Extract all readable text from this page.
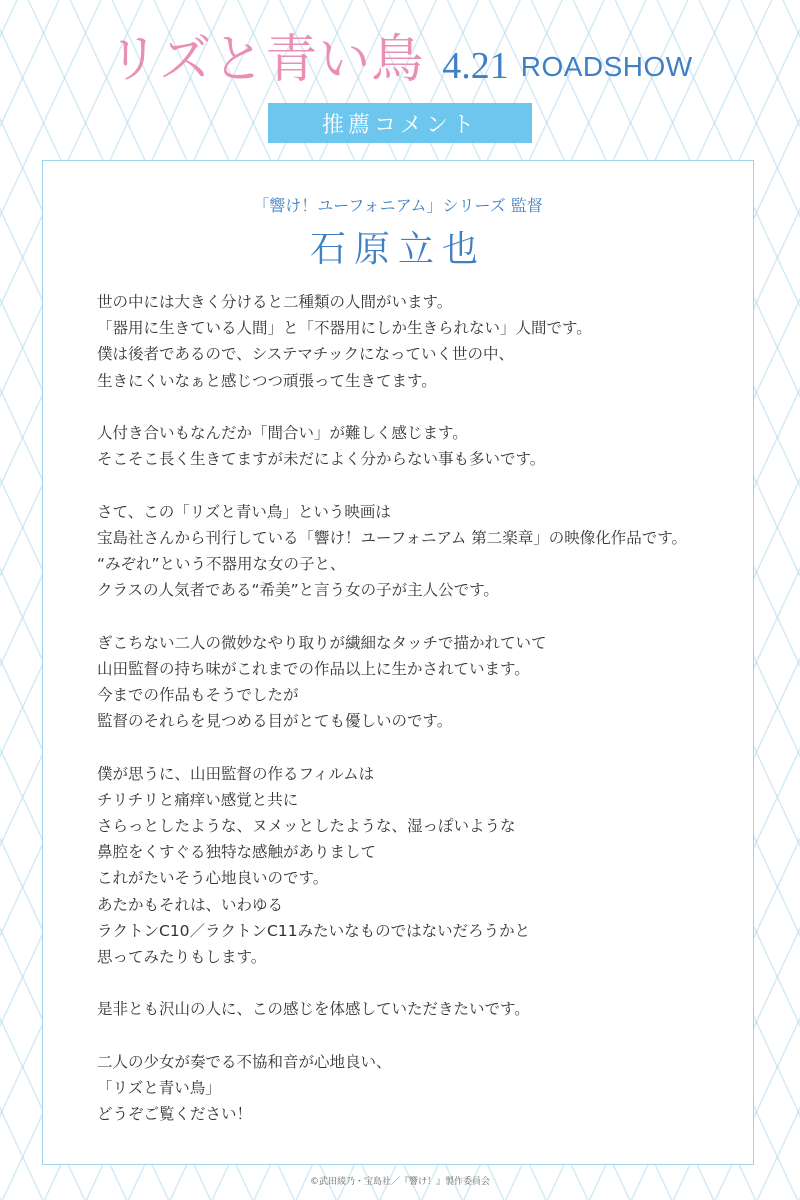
リズと青い鳥 4.21 ROADSHOW
推薦コメント
「響け！ユーフォニアム」シリーズ 監督
石原立也
世の中には大きく分けると二種類の人間がいます。
「器用に生きている人間」と「不器用にしか生きられない」人間です。
僕は後者であるので、システマチックになっていく世の中、
生きにくいなぁと感じつつ頑張って生きてます。
人付き合いもなんだか「間合い」が難しく感じます。
そこそこ長く生きてますが未だによく分からない事も多いです。
さて、この「リズと青い鳥」という映画は
宝島社さんから刊行している「響け！ユーフォニアム 第二楽章」の映像化作品です。
“みぞれ”という不器用な女の子と、
クラスの人気者である“希美”と言う女の子が主人公です。
ぎこちない二人の微妙なやり取りが繊細なタッチで描かれていて
山田監督の持ち味がこれまでの作品以上に生かされています。
今までの作品もそうでしたが
監督のそれらを見つめる目がとても優しいのです。
僕が思うに、山田監督の作るフィルムは
チリチリと痛痒い感覚と共に
さらっとしたような、ヌメッとしたような、湿っぽいような
鼻腔をくすぐる独特な感触がありまして
これがたいそう心地良いのです。
あたかもそれは、いわゆる
ラクトンC10／ラクトンC11みたいなものではないだろうかと
思ってみたりもします。
是非とも沢山の人に、この感じを体感していただきたいです。
二人の少女が奏でる不協和音が心地良い、
「リズと青い鳥」
どうぞご覧ください！
©武田綾乃・宝島社／『響け！』製作委員会
